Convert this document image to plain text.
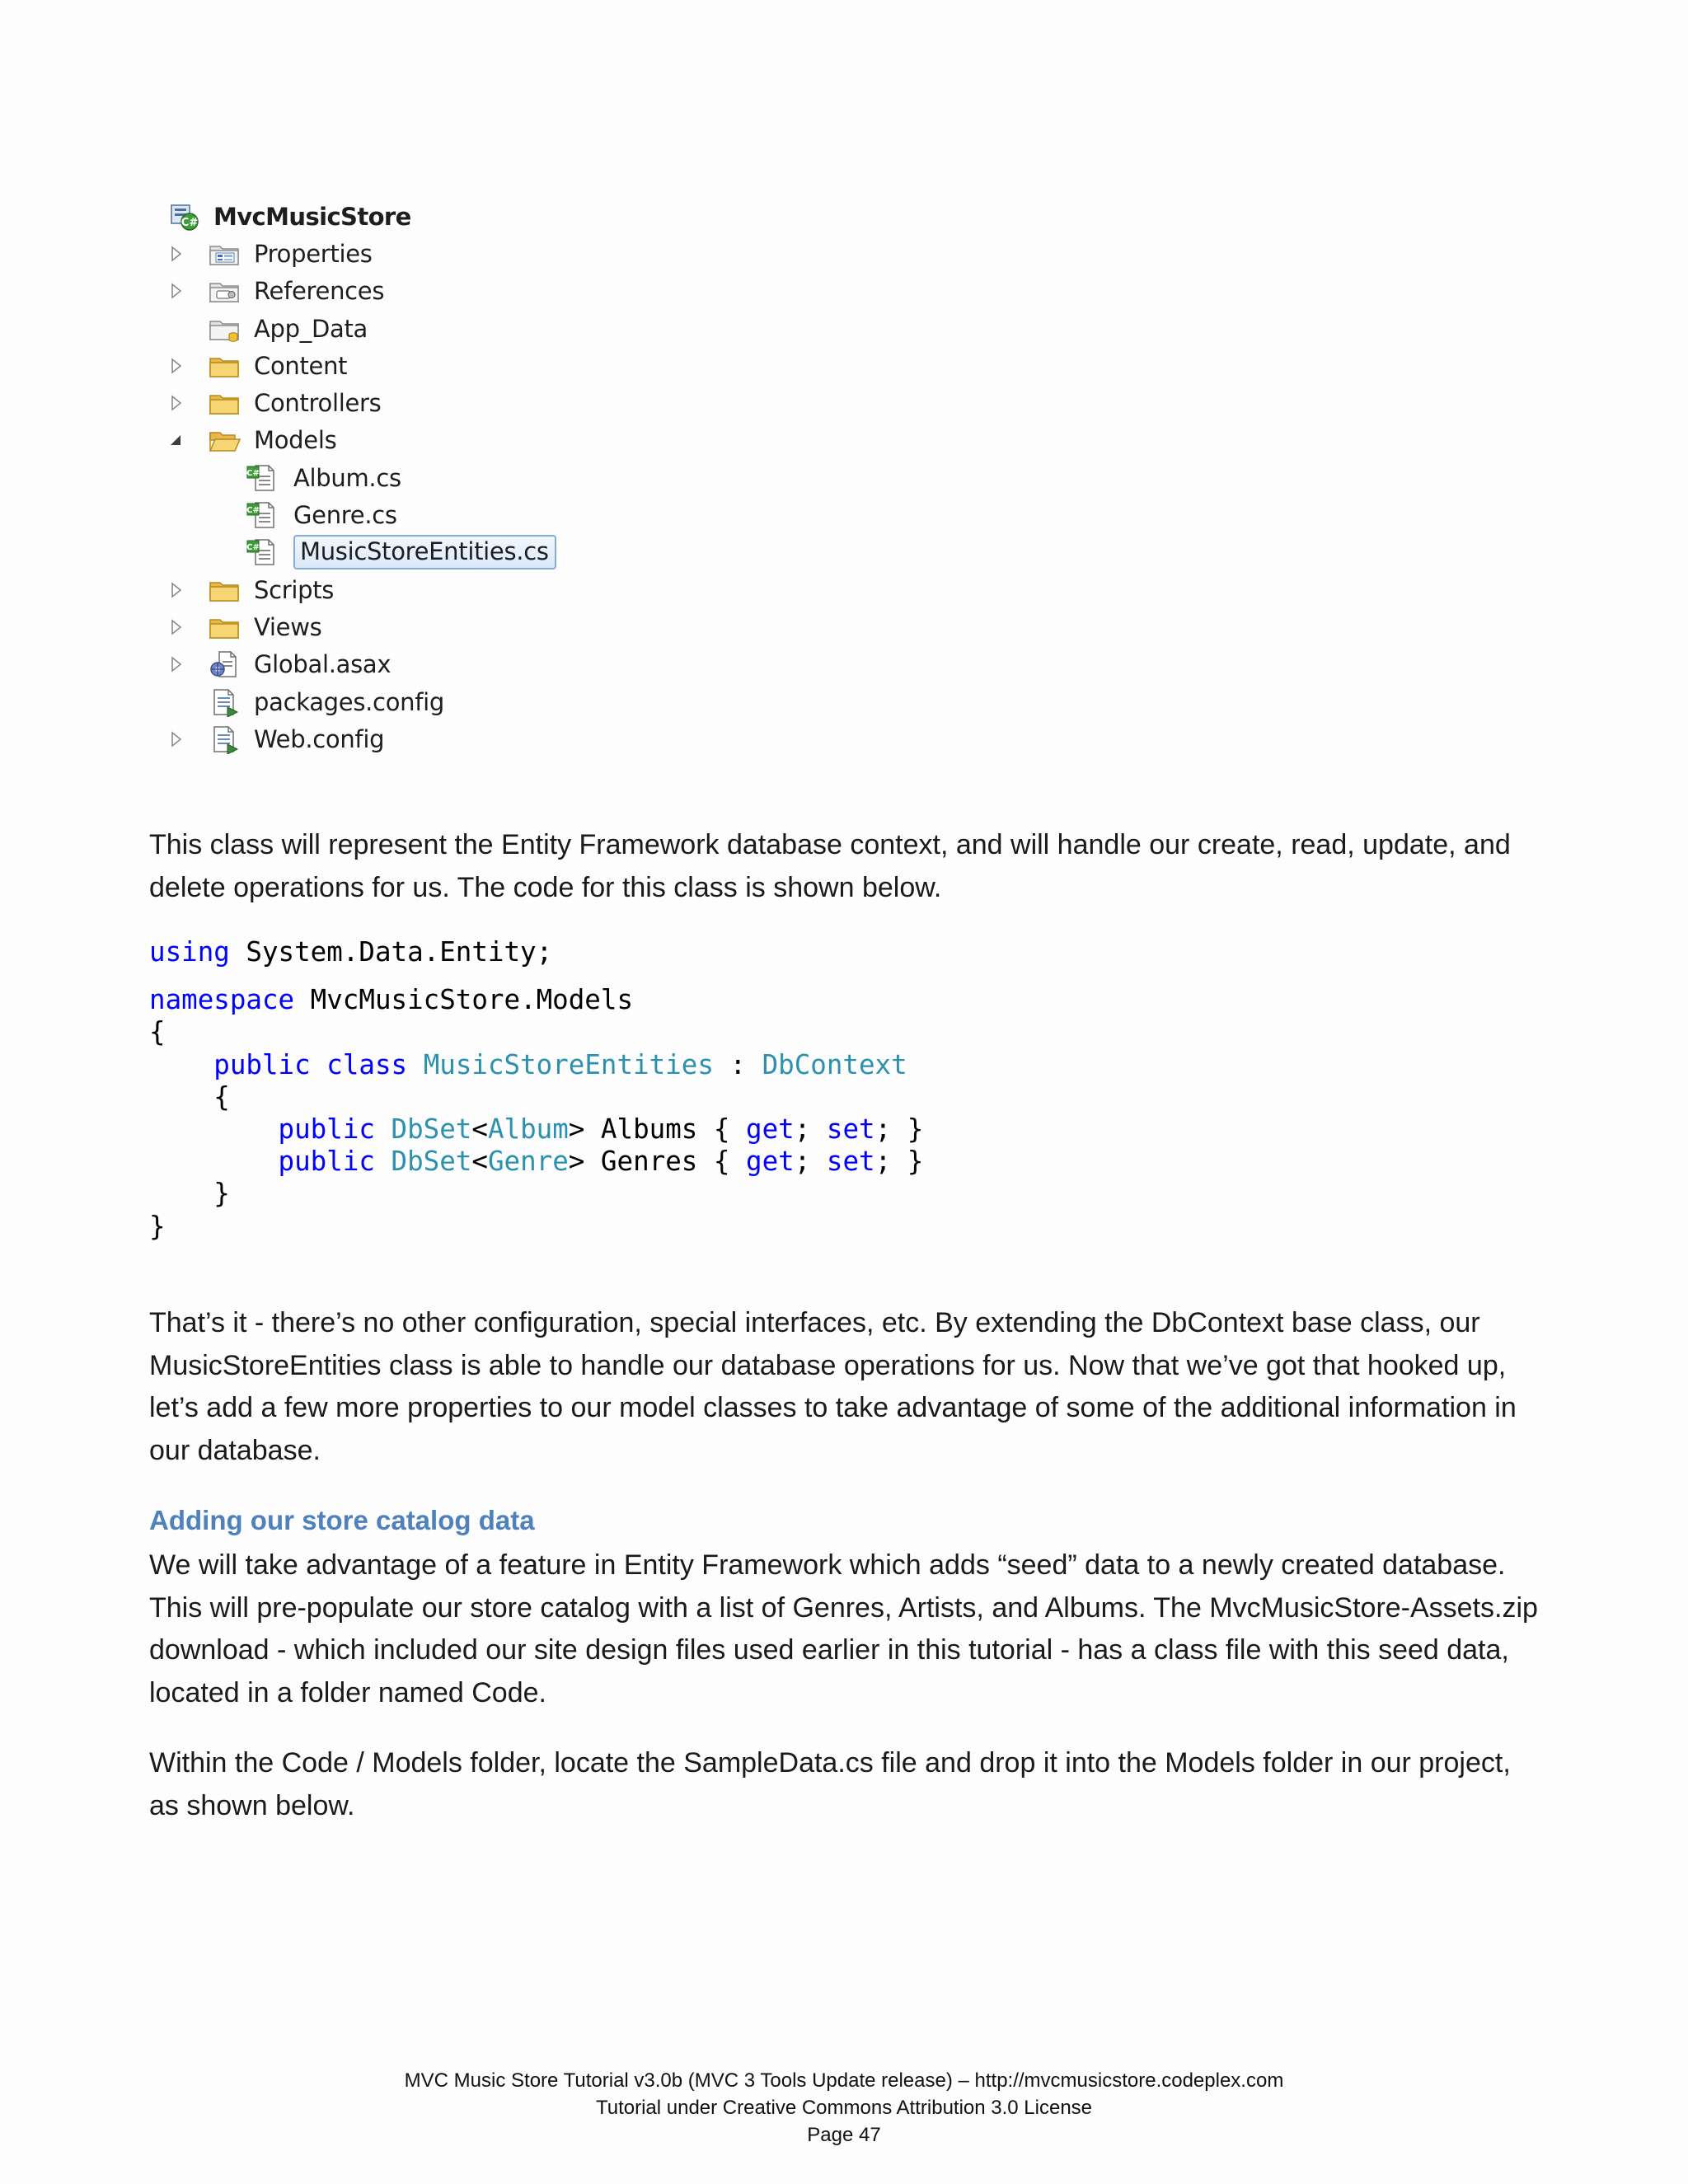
C# MvcMusicStore
Properties
References
App_Data
Content
Controllers
Models
C# Album.cs
C# Genre.cs
C# MusicStoreEntities.cs
Scripts
Views
Global.asax
packages.config
Web.config

This class will represent the Entity Framework database context, and will handle our create, read, update, and
delete operations for us. The code for this class is shown below.

using System.Data.Entity;
namespace MvcMusicStore.Models
{
public class MusicStoreEntities : DbContext
{
public DbSet<Album> Albums { get; set; }
public DbSet<Genre> Genres { get; set; }
}
}

That’s it - there’s no other configuration, special interfaces, etc. By extending the DbContext base class, our
MusicStoreEntities class is able to handle our database operations for us. Now that we’ve got that hooked up,
let’s add a few more properties to our model classes to take advantage of some of the additional information in
our database.

Adding our store catalog data

We will take advantage of a feature in Entity Framework which adds “seed” data to a newly created database.
This will pre-populate our store catalog with a list of Genres, Artists, and Albums. The MvcMusicStore-Assets.zip
download - which included our site design files used earlier in this tutorial - has a class file with this seed data,
located in a folder named Code.

Within the Code / Models folder, locate the SampleData.cs file and drop it into the Models folder in our project,
as shown below.

MVC Music Store Tutorial v3.0b (MVC 3 Tools Update release) – http://mvcmusicstore.codeplex.com
Tutorial under Creative Commons Attribution 3.0 License
Page 47
